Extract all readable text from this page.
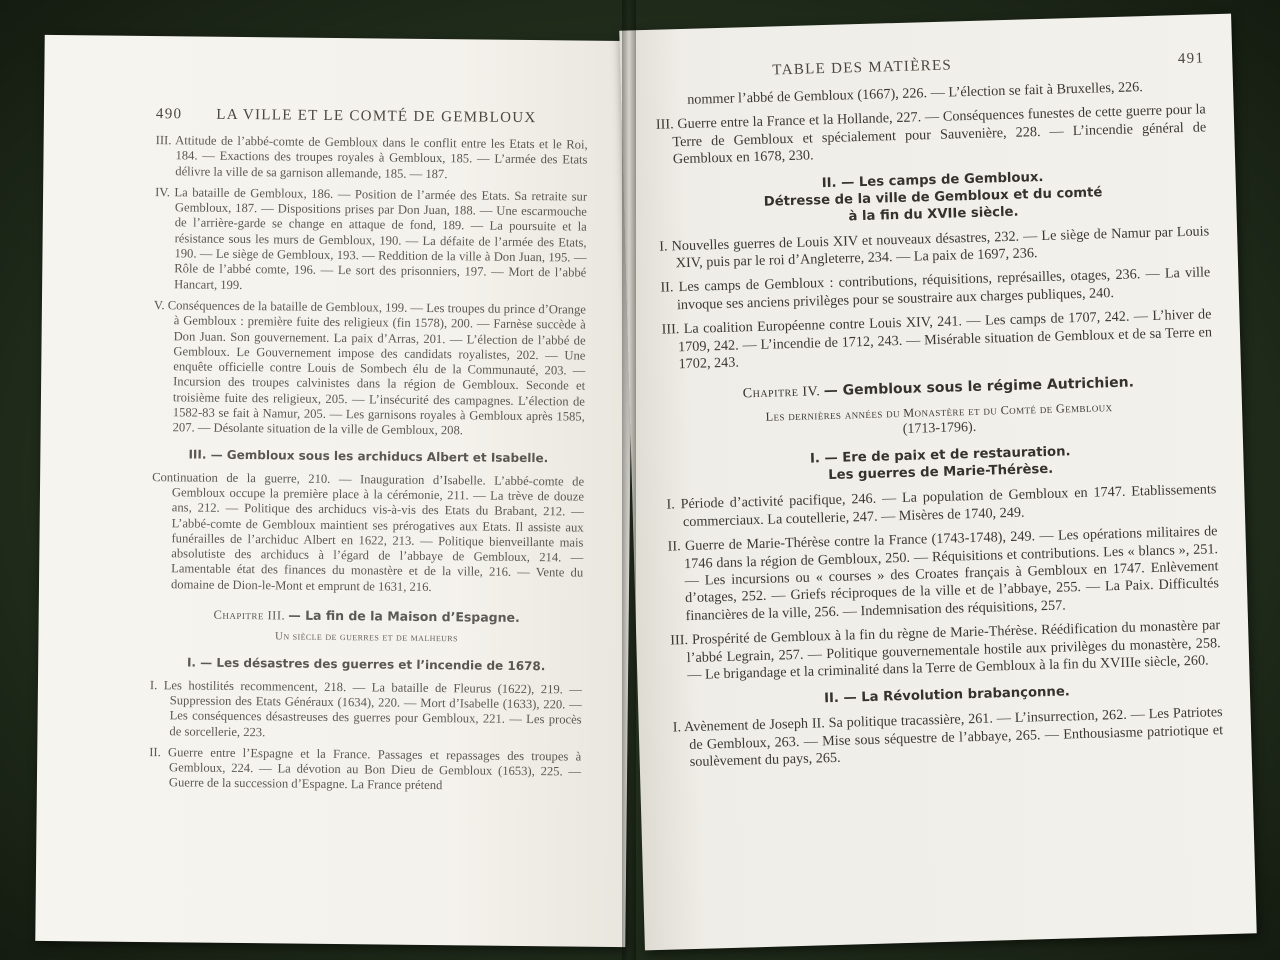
490 LA VILLE ET LE COMTÉ DE GEMBLOUX

III. Attitude de l’abbé-comte de Gembloux dans le conflit entre les Etats et le Roi, 184. — Exactions des troupes royales à Gembloux, 185. — L’armée des Etats délivre la ville de sa garnison allemande, 185. — 187.

IV. La bataille de Gembloux, 186. — Position de l’armée des Etats. Sa retraite sur Gembloux, 187. — Dispositions prises par Don Juan, 188. — Une escarmouche de l’arrière-garde se change en attaque de fond, 189. — La poursuite et la résistance sous les murs de Gembloux, 190. — La défaite de l’armée des Etats, 190. — Le siège de Gembloux, 193. — Reddition de la ville à Don Juan, 195. — Rôle de l’abbé comte, 196. — Le sort des prisonniers, 197. — Mort de l’abbé Hancart, 199.

V. Conséquences de la bataille de Gembloux, 199. — Les troupes du prince d’Orange à Gembloux : première fuite des religieux (fin 1578), 200. — Farnèse succède à Don Juan. Son gouvernement. La paix d’Arras, 201. — L’élection de l’abbé de Gembloux. Le Gouvernement impose des candidats royalistes, 202. — Une enquête officielle contre Louis de Sombech élu de la Communauté, 203. — Incursion des troupes calvinistes dans la région de Gembloux. Seconde et troisième fuite des religieux, 205. — L’insécurité des campagnes. L’élection de 1582-83 se fait à Namur, 205. — Les garnisons royales à Gembloux après 1585, 207. — Désolante situation de la ville de Gembloux, 208.

III. — Gembloux sous les archiducs Albert et Isabelle.

Continuation de la guerre, 210. — Inauguration d’Isabelle. L’abbé-comte de Gembloux occupe la première place à la cérémonie, 211. — La trève de douze ans, 212. — Politique des archiducs vis-à-vis des Etats du Brabant, 212. — L’abbé-comte de Gembloux maintient ses prérogatives aux Etats. Il assiste aux funérailles de l’archiduc Albert en 1622, 213. — Politique bienveillante mais absolutiste des archiducs à l’égard de l’abbaye de Gembloux, 214. — Lamentable état des finances du monastère et de la ville, 216. — Vente du domaine de Dion-le-Mont et emprunt de 1631, 216.

Chapitre III. — La fin de la Maison d’Espagne.
Un siècle de guerres et de malheurs
I. — Les désastres des guerres et l’incendie de 1678.

I. Les hostilités recommencent, 218. — La bataille de Fleurus (1622), 219. — Suppression des Etats Généraux (1634), 220. — Mort d’Isabelle (1633), 220. — Les conséquences désastreuses des guerres pour Gembloux, 221. — Les procès de sorcellerie, 223.

II. Guerre entre l’Espagne et la France. Passages et repassages des troupes à Gembloux, 224. — La dévotion au Bon Dieu de Gembloux (1653), 225. — Guerre de la succession d’Espagne. La France prétend

TABLE DES MATIÈRES	491

nommer l’abbé de Gembloux (1667), 226. — L’élection se fait à Bruxelles, 226.

III. Guerre entre la France et la Hollande, 227. — Conséquences funestes de cette guerre pour la Terre de Gembloux et spécialement pour Sauvenière, 228. — L’incendie général de Gembloux en 1678, 230.

II. — Les camps de Gembloux.
Détresse de la ville de Gembloux et du comté
à la fin du XVIIe siècle.

I. Nouvelles guerres de Louis XIV et nouveaux désastres, 232. — Le siège de Namur par Louis XIV, puis par le roi d’Angleterre, 234. — La paix de 1697, 236.

II. Les camps de Gembloux : contributions, réquisitions, représailles, otages, 236. — La ville invoque ses anciens privilèges pour se soustraire aux charges publiques, 240.

III. La coalition Européenne contre Louis XIV, 241. — Les camps de 1707, 242. — L’hiver de 1709, 242. — L’incendie de 1712, 243. — Misérable situation de Gembloux et de sa Terre en 1702, 243.

Chapitre IV. — Gembloux sous le régime Autrichien.
Les dernières années du Monastère et du Comté de Gembloux
(1713-1796).
I. — Ere de paix et de restauration.
Les guerres de Marie-Thérèse.

I. Période d’activité pacifique, 246. — La population de Gembloux en 1747. Etablissements commerciaux. La coutellerie, 247. — Misères de 1740, 249.

II. Guerre de Marie-Thérèse contre la France (1743-1748), 249. — Les opérations militaires de 1746 dans la région de Gembloux, 250. — Réquisitions et contributions. Les « blancs », 251. — Les incursions ou « courses » des Croates français à Gembloux en 1747. Enlèvement d’otages, 252. — Griefs réciproques de la ville et de l’abbaye, 255. — La Paix. Difficultés financières de la ville, 256. — Indemnisation des réquisitions, 257.

III. Prospérité de Gembloux à la fin du règne de Marie-Thérèse. Réédification du monastère par l’abbé Legrain, 257. — Politique gouvernementale hostile aux privilèges du monastère, 258. — Le brigandage et la criminalité dans la Terre de Gembloux à la fin du XVIIIe siècle, 260.

II. — La Révolution brabançonne.

I. Avènement de Joseph II. Sa politique tracassière, 261. — L’insurrection, 262. — Les Patriotes de Gembloux, 263. — Mise sous séquestre de l’abbaye, 265. — Enthousiasme patriotique et soulèvement du pays, 265.
